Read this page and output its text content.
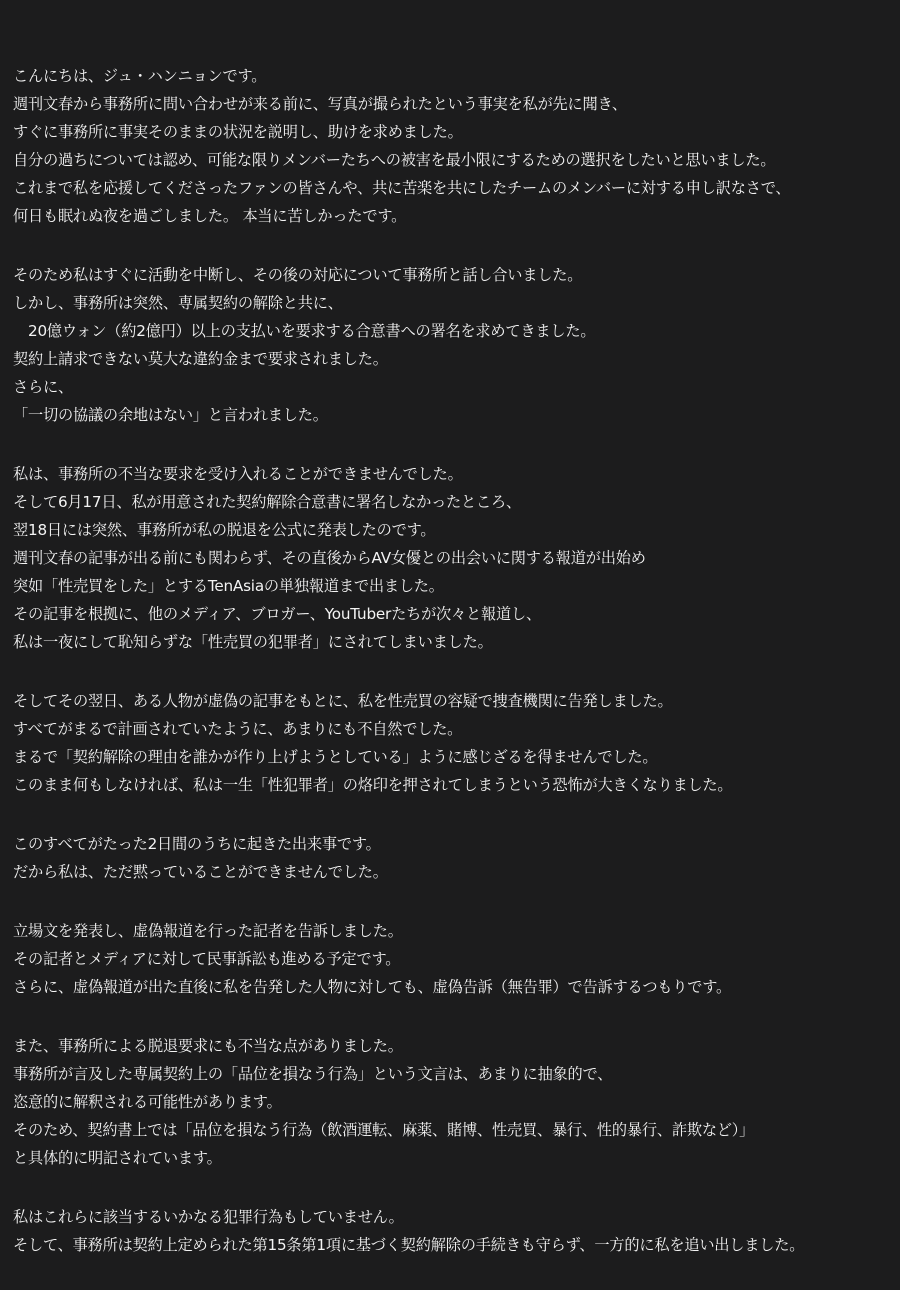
こんにちは、ジュ・ハンニョンです。
週刊文春から事務所に問い合わせが来る前に、写真が撮られたという事実を私が先に聞き、
すぐに事務所に事実そのままの状況を説明し、助けを求めました。
自分の過ちについては認め、可能な限りメンバーたちへの被害を最小限にするための選択をしたいと思いました。
これまで私を応援してくださったファンの皆さんや、共に苦楽を共にしたチームのメンバーに対する申し訳なさで、
何日も眠れぬ夜を過ごしました。 本当に苦しかったです。
そのため私はすぐに活動を中断し、その後の対応について事務所と話し合いました。
しかし、事務所は突然、専属契約の解除と共に、
　20億ウォン（約2億円）以上の支払いを要求する合意書への署名を求めてきました。
契約上請求できない莫大な違約金まで要求されました。
さらに、
「一切の協議の余地はない」と言われました。
私は、事務所の不当な要求を受け入れることができませんでした。
そして6月17日、私が用意された契約解除合意書に署名しなかったところ、
翌18日には突然、事務所が私の脱退を公式に発表したのです。
週刊文春の記事が出る前にも関わらず、その直後からAV女優との出会いに関する報道が出始め
突如「性売買をした」とするTenAsiaの単独報道まで出ました。
その記事を根拠に、他のメディア、ブロガー、YouTuberたちが次々と報道し、
私は一夜にして恥知らずな「性売買の犯罪者」にされてしまいました。
そしてその翌日、ある人物が虚偽の記事をもとに、私を性売買の容疑で捜査機関に告発しました。
すべてがまるで計画されていたように、あまりにも不自然でした。
まるで「契約解除の理由を誰かが作り上げようとしている」ように感じざるを得ませんでした。
このまま何もしなければ、私は一生「性犯罪者」の烙印を押されてしまうという恐怖が大きくなりました。
このすべてがたった2日間のうちに起きた出来事です。
だから私は、ただ黙っていることができませんでした。
立場文を発表し、虚偽報道を行った記者を告訴しました。
その記者とメディアに対して民事訴訟も進める予定です。
さらに、虚偽報道が出た直後に私を告発した人物に対しても、虚偽告訴（無告罪）で告訴するつもりです。
また、事務所による脱退要求にも不当な点がありました。
事務所が言及した専属契約上の「品位を損なう行為」という文言は、あまりに抽象的で、
恣意的に解釈される可能性があります。
そのため、契約書上では「品位を損なう行為（飲酒運転、麻薬、賭博、性売買、暴行、性的暴行、詐欺など）」
と具体的に明記されています。
私はこれらに該当するいかなる犯罪行為もしていません。
そして、事務所は契約上定められた第15条第1項に基づく契約解除の手続きも守らず、一方的に私を追い出しました。
